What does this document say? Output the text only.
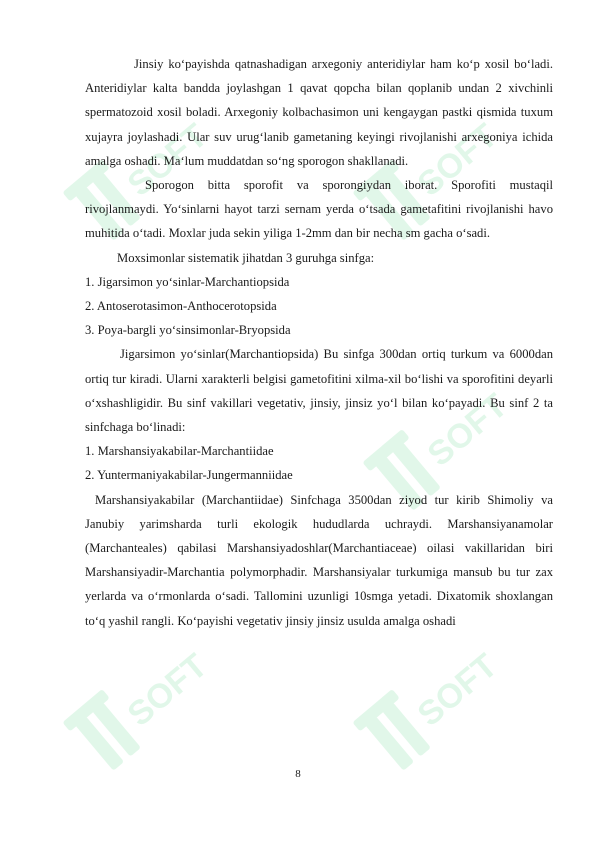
SOFT	SOFT
SOFT
SOFT	SOFT

Jinsiy ko‘payishda qatnashadigan arxegoniy anteridiylar ham ko‘p xosil bo‘ladi. Anteridiylar kalta bandda joylashgan 1 qavat qopcha bilan qoplanib undan 2 xivchinli spermatozoid xosil boladi. Arxegoniy kolbachasimon uni kengaygan pastki qismida tuxum xujayra joylashadi. Ular suv urug‘lanib gametaning keyingi rivojlanishi arxegoniya ichida amalga oshadi. Ma‘lum muddatdan so‘ng sporogon shakllanadi.

Sporogon bitta sporofit va sporongiydan iborat. Sporofiti mustaqil rivojlanmaydi. Yo‘sinlarni hayot tarzi sernam yerda o‘tsada gametafitini rivojlanishi havo muhitida o‘tadi. Moxlar juda sekin yiliga 1-2mm dan bir necha sm gacha o‘sadi.

Moxsimonlar sistematik jihatdan 3 guruhga sinfga:

1. Jigarsimon yo‘sinlar-Marchantiopsida

2. Antoserotasimon-Anthocerotopsida

3. Poya-bargli yo‘sinsimonlar-Bryopsida

Jigarsimon yo‘sinlar(Marchantiopsida) Bu sinfga 300dan ortiq turkum va 6000dan ortiq tur kiradi. Ularni xarakterli belgisi gametofitini xilma-xil bo‘lishi va sporofitini deyarli o‘xshashligidir. Bu sinf vakillari vegetativ, jinsiy, jinsiz yo‘l bilan ko‘payadi. Bu sinf 2 ta sinfchaga bo‘linadi:

1. Marshansiyakabilar-Marchantiidae

2. Yuntermaniyakabilar-Jungermanniidae

Marshansiyakabilar (Marchantiidae) Sinfchaga 3500dan ziyod tur kirib Shimoliy va Janubiy yarimsharda turli ekologik hududlarda uchraydi. Marshansiyanamolar (Marchanteales) qabilasi Marshansiyadoshlar(Marchantiaceae) oilasi vakillaridan biri Marshansiyadir-Marchantia polymorphadir. Marshansiyalar turkumiga mansub bu tur zax yerlarda va o‘rmonlarda o‘sadi. Tallomini uzunligi 10smga yetadi. Dixatomik shoxlangan to‘q yashil rangli. Ko‘payishi vegetativ jinsiy jinsiz usulda amalga oshadi

8
